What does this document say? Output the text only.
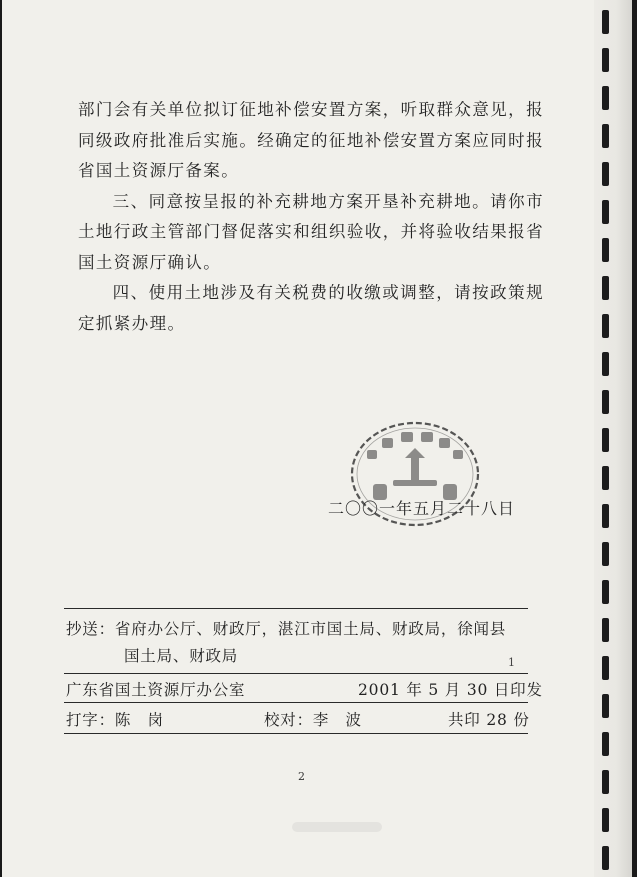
部门会有关单位拟订征地补偿安置方案，听取群众意见，报同级政府批准后实施。经确定的征地补偿安置方案应同时报省国土资源厅备案。

三、同意按呈报的补充耕地方案开垦补充耕地。请你市土地行政主管部门督促落实和组织验收，并将验收结果报省国土资源厅确认。

四、使用土地涉及有关税费的收缴或调整，请按政策规定抓紧办理。

二〇〇一年五月二十八日
抄送：省府办公厅、财政厅，湛江市国土局、财政局，徐闻县
国土局、财政局	1
广东省国土资源厅办公室	2001 年 5 月 30 日印发
打字：陈　岗	校对：李　波	共印 28 份
2
